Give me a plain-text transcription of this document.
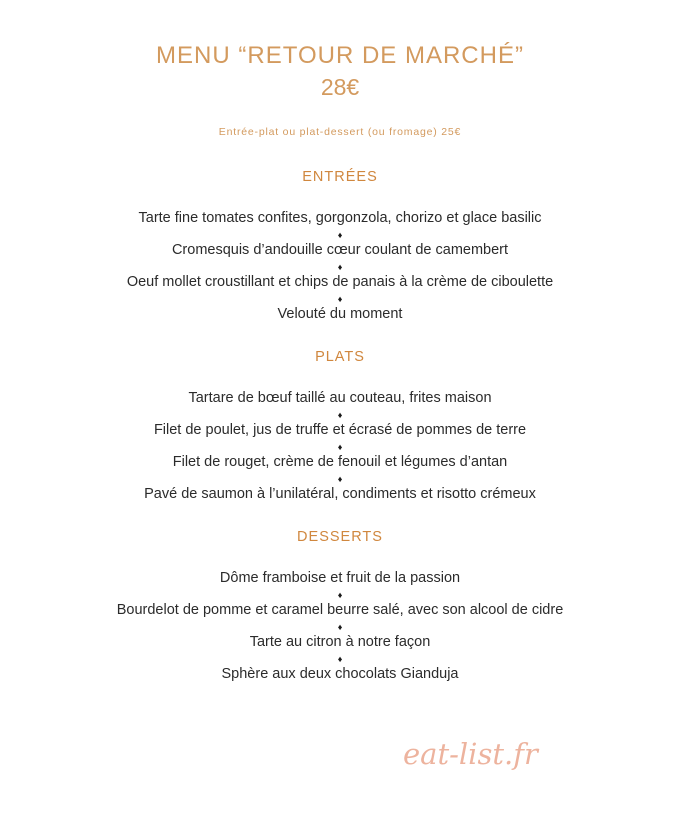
MENU “RETOUR DE MARCHÉ”
28€
Entrée-plat ou plat-dessert (ou fromage) 25€
ENTRÉES
Tarte fine tomates confites, gorgonzola, chorizo et glace basilic
♦
Cromesquis d’andouille cœur coulant de camembert
♦
Oeuf mollet croustillant et chips de panais à la crème de ciboulette
♦
Velouté du moment
PLATS
Tartare de bœuf taillé au couteau, frites maison
♦
Filet de poulet, jus de truffe et écrasé de pommes de terre
♦
Filet de rouget, crème de fenouil et légumes d’antan
♦
Pavé de saumon à l’unilatéral, condiments et risotto crémeux
DESSERTS
Dôme framboise et fruit de la passion
♦
Bourdelot de pomme et caramel beurre salé, avec son alcool de cidre
♦
Tarte au citron à notre façon
♦
Sphère aux deux chocolats Gianduja
eat-list.fr
